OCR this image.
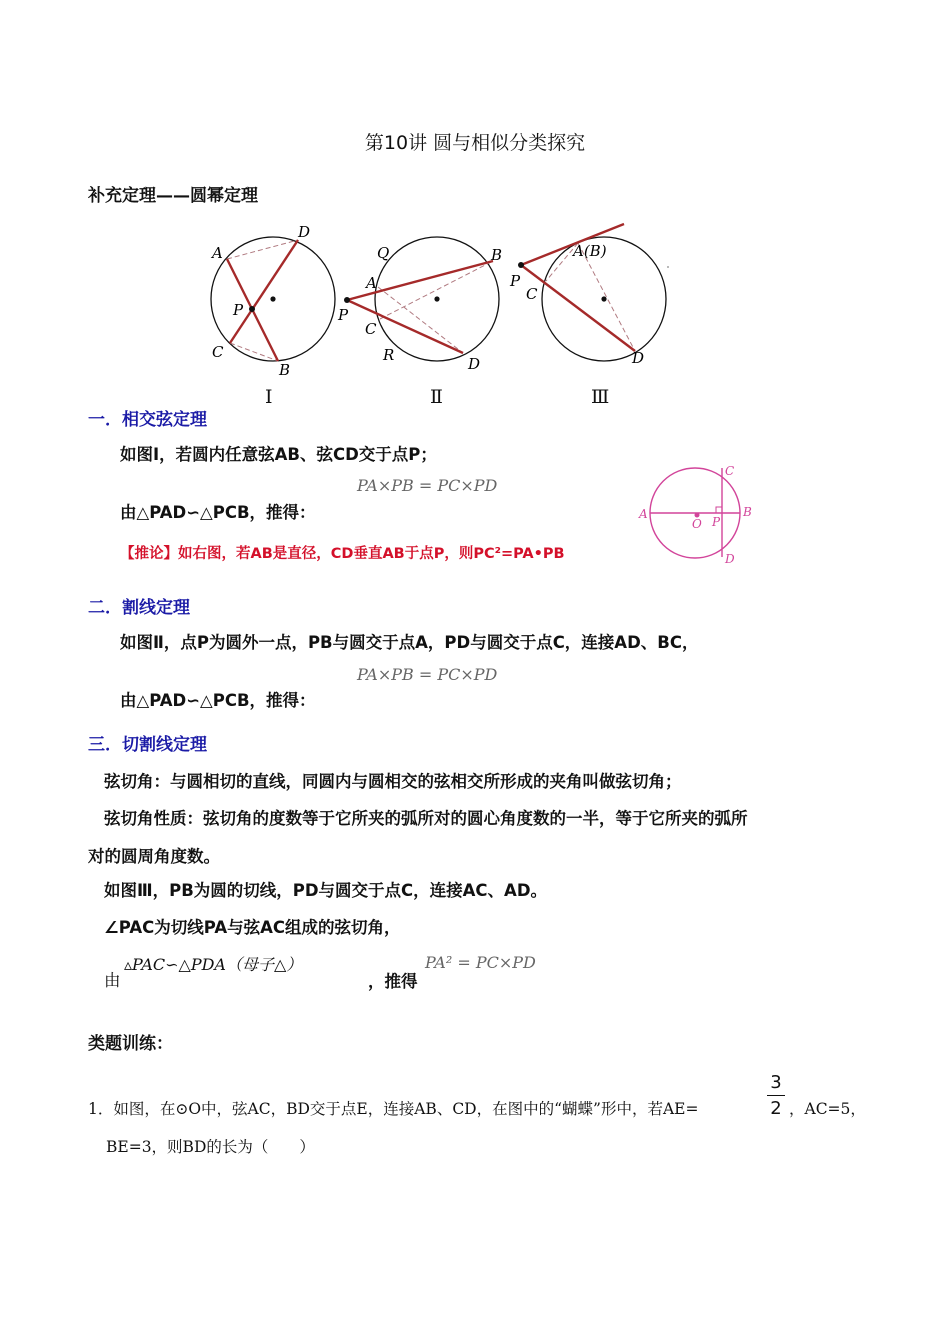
第10讲 圆与相似分类探究
补充定理——圆幂定理
A
D
P
C
B
Q
A
B
P
C
R	D
A(B)
P
C
D
Ⅰ	Ⅱ	Ⅲ
一．相交弦定理
如图Ⅰ，若圆内任意弦AB、弦CD交于点P；
PA×PB = PC×PD
由△PAD∽△PCB，推得：
【推论】如右图，若AB是直径，CD垂直AB于点P，则PC²=PA•PB
A	B
C
D
O P
二．割线定理
如图Ⅱ，点P为圆外一点，PB与圆交于点A，PD与圆交于点C，连接AD、BC，
PA×PB = PC×PD
由△PAD∽△PCB，推得：
三．切割线定理
弦切角：与圆相切的直线，同圆内与圆相交的弦相交所形成的夹角叫做弦切角；
弦切角性质：弦切角的度数等于它所夹的弧所对的圆心角度数的一半，等于它所夹的弧所
对的圆周角度数。
如图Ⅲ，PB为圆的切线，PD与圆交于点C，连接AC、AD。
∠PAC为切线PA与弦AC组成的弦切角，
由
▵PAC∽△PDA（母子△）
，推得
PA² = PC×PD
类题训练：
1．如图，在⊙O中，弦AC，BD交于点E，连接AB、CD，在图中的“蝴蝶”形中，若AE=
3
2 ，AC=5，
BE=3，则BD的长为（　　）
